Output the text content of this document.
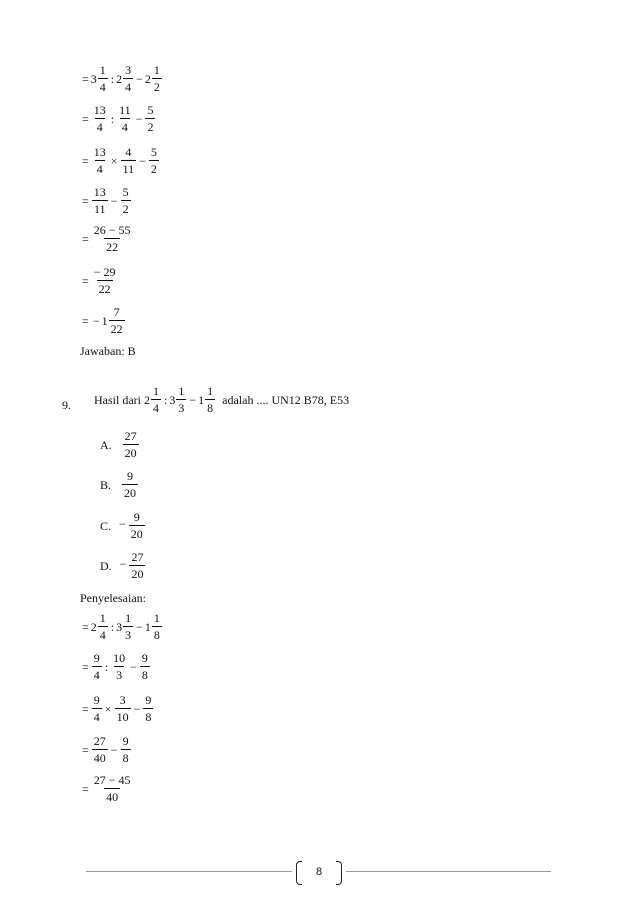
= $3 \frac{1}{4}$ : $2 \frac{3}{4} - 2 \frac{1}{2}$
= $\frac{13}{4}$ : $\frac{11}{4} - \frac{5}{2}$
= $\frac{13}{4} \times \frac{4}{11} - \frac{5}{2}$
= $\frac{13}{11} - \frac{5}{2}$
= $\frac{26 - 55}{22}$
= $\frac{- 29}{22}$
= − $1 \frac{7}{22}$
Jawaban: B
9. Hasil dari $2 \frac{1}{4}$ : $3 \frac{1}{3} - 1 \frac{1}{8}$ adalah .... UN12 B78, E53
A. $\frac{27}{20}$
B. $\frac{9}{20}$
C. − $\frac{9}{20}$
D. − $\frac{27}{20}$
Penyelesaian:
= $2 \frac{1}{4}$ : $3 \frac{1}{3} - 1 \frac{1}{8}$
= $\frac{9}{4}$ : $\frac{10}{3} - \frac{9}{8}$
= $\frac{9}{4} \times \frac{3}{10} - \frac{9}{8}$
= $\frac{27}{40} - \frac{9}{8}$
= $\frac{27 - 45}{40}$
8
